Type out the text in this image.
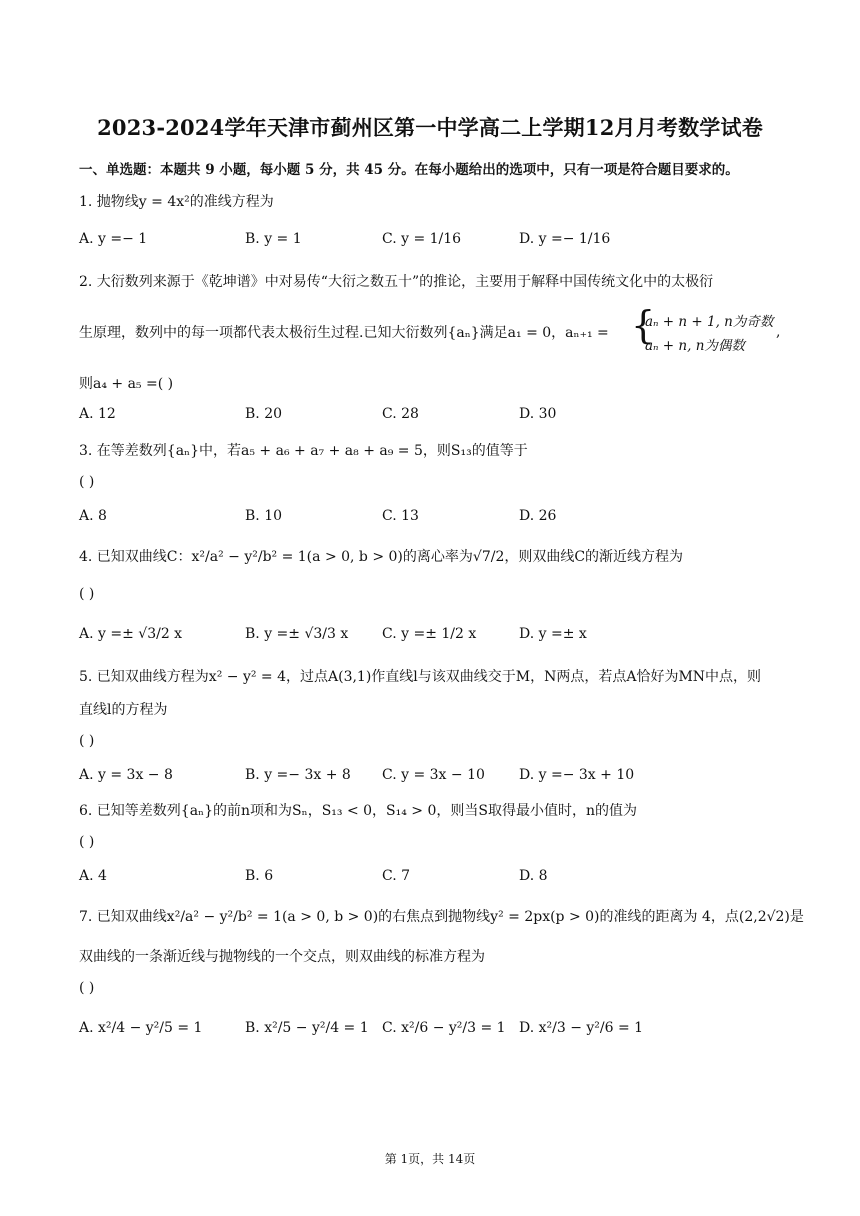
2023-2024学年天津市蓟州区第一中学高二上学期12月月考数学试卷
一、单选题：本题共 9 小题，每小题 5 分，共 45 分。在每小题给出的选项中，只有一项是符合题目要求的。
1. 抛物线y = 4x²的准线方程为
A. y =− 1	B. y = 1	C. y = 1/16	D. y =− 1/16
2. 大衍数列来源于《乾坤谱》中对易传“大衍之数五十”的推论，主要用于解释中国传统文化中的太极衍
生原理，数列中的每一项都代表太极衍生过程.已知大衍数列{aₙ}满足a₁ = 0，aₙ₊₁ = {
aₙ + n + 1, n为奇数
aₙ + n, n为偶数
,
则a₄ + a₅ =( )
A. 12	B. 20	C. 28	D. 30
3. 在等差数列{aₙ}中，若a₅ + a₆ + a₇ + a₈ + a₉ = 5，则S₁₃的值等于
( )
A. 8	B. 10	C. 13	D. 26
4. 已知双曲线C：x²/a² − y²/b² = 1(a > 0, b > 0)的离心率为√7/2，则双曲线C的渐近线方程为
( )
A. y =± √3/2 x	B. y =± √3/3 x C. y =± 1/2 x	D. y =± x
5. 已知双曲线方程为x² − y² = 4，过点A(3,1)作直线l与该双曲线交于M，N两点，若点A恰好为MN中点，则
直线l的方程为
( )
A. y = 3x − 8	B. y =− 3x + 8 C. y = 3x − 10 D. y =− 3x + 10
6. 已知等差数列{aₙ}的前n项和为Sₙ，S₁₃ < 0，S₁₄ > 0，则当S取得最小值时，n的值为
( )
A. 4	B. 6	C. 7	D. 8
7. 已知双曲线x²/a² − y²/b² = 1(a > 0, b > 0)的右焦点到抛物线y² = 2px(p > 0)的准线的距离为 4，点(2,2√2)是
双曲线的一条渐近线与抛物线的一个交点，则双曲线的标准方程为
( )
A. x²/4 − y²/5 = 1	B. x²/5 − y²/4 = 1 C. x²/6 − y²/3 = 1 D. x²/3 − y²/6 = 1
第 1页，共 14页
